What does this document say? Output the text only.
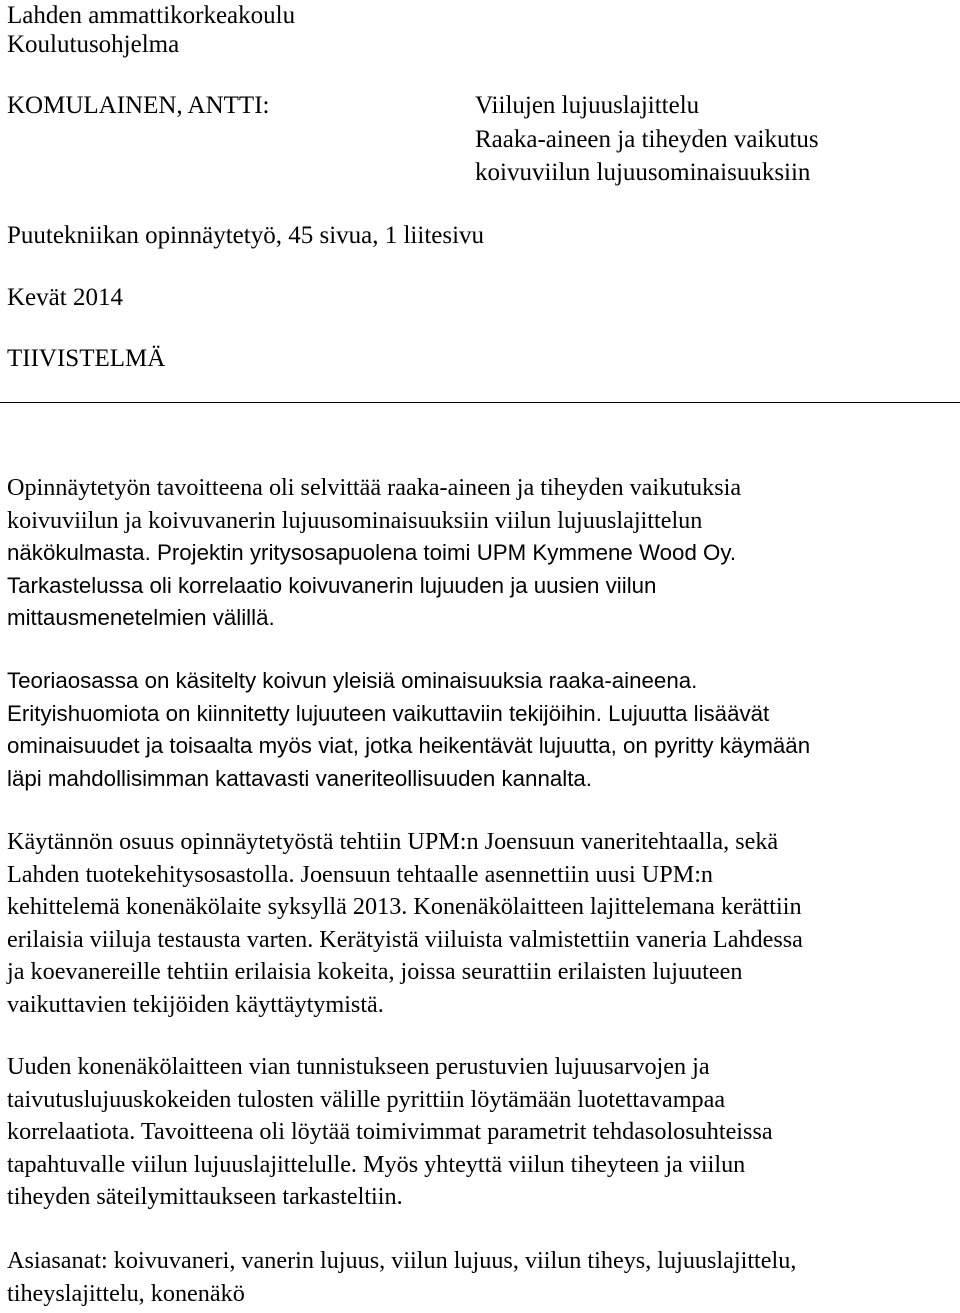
Lahden ammattikorkeakoulu
Koulutusohjelma
KOMULAINEN, ANTTI:	Viilujen lujuuslajittelu
Raaka-aineen ja tiheyden vaikutus
koivuviilun lujuusominaisuuksiin
Puutekniikan opinnäytetyö, 45 sivua, 1 liitesivu
Kevät 2014
TIIVISTELMÄ
Opinnäytetyön tavoitteena oli selvittää raaka-aineen ja tiheyden vaikutuksia
koivuviilun ja koivuvanerin lujuusominaisuuksiin viilun lujuuslajittelun
näkökulmasta. Projektin yritysosapuolena toimi UPM Kymmene Wood Oy.
Tarkastelussa oli korrelaatio koivuvanerin lujuuden ja uusien viilun
mittausmenetelmien välillä.
Teoriaosassa on käsitelty koivun yleisiä ominaisuuksia raaka-aineena.
Erityishuomiota on kiinnitetty lujuuteen vaikuttaviin tekijöihin. Lujuutta lisäävät
ominaisuudet ja toisaalta myös viat, jotka heikentävät lujuutta, on pyritty käymään
läpi mahdollisimman kattavasti vaneriteollisuuden kannalta.
Käytännön osuus opinnäytetyöstä tehtiin UPM:n Joensuun vaneritehtaalla, sekä
Lahden tuotekehitysosastolla. Joensuun tehtaalle asennettiin uusi UPM:n
kehittelemä konenäkölaite syksyllä 2013. Konenäkölaitteen lajittelemana kerättiin
erilaisia viiluja testausta varten. Kerätyistä viiluista valmistettiin vaneria Lahdessa
ja koevanereille tehtiin erilaisia kokeita, joissa seurattiin erilaisten lujuuteen
vaikuttavien tekijöiden käyttäytymistä.
Uuden konenäkölaitteen vian tunnistukseen perustuvien lujuusarvojen ja
taivutuslujuuskokeiden tulosten välille pyrittiin löytämään luotettavampaa
korrelaatiota. Tavoitteena oli löytää toimivimmat parametrit tehdasolosuhteissa
tapahtuvalle viilun lujuuslajittelulle. Myös yhteyttä viilun tiheyteen ja viilun
tiheyden säteilymittaukseen tarkasteltiin.
Asiasanat: koivuvaneri, vanerin lujuus, viilun lujuus, viilun tiheys, lujuuslajittelu,
tiheyslajittelu, konenäkö
